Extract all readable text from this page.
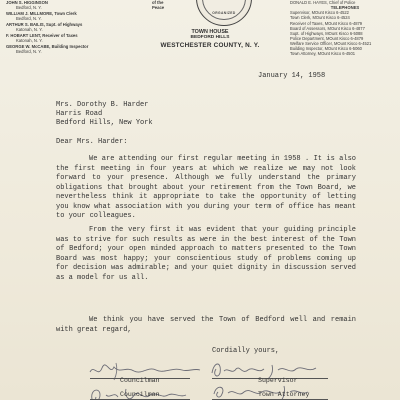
JOHN S. HIGGINSON
Bedford, N. Y.
WILLIAM J. MILLMORE, Town Clerk
Bedford, N. Y.
ARTHUR S. BAILIS, Supt. of Highways
Katonah, N. Y.
F. HOBART LENT, Receiver of Taxes
Katonah, N. Y.
GEORGE W. McCABE, Building Inspector
Bedford, N. Y.
of the
Peace
ORGANIZED
TOWN HOUSE
BEDFORD HILLS
WESTCHESTER COUNTY, N. Y.
DONALD E. HAYES, Chief of Police
TELEPHONES
Supervisor, MOunt Kisco 6-4522
Town Clerk, MOunt Kisco 6-4524
Receiver of Taxes, MOunt Kisco 6-4879
Board of Assessors, MOunt Kisco 6-4877
Supt. of Highways, MOunt Kisco 6-5088
Police Department, MOunt Kisco 6-4879
Welfare Service Officer, MOunt Kisco 6-4521
Building Inspector, MOunt Kisco 6-5060
Town Attorney, MOunt Kisco 6-4501
January 14, 1958
Mrs. Dorothy B. Harder
Harris Road
Bedford Hills, New York
Dear Mrs. Harder:

We are attending our first regular meeting in 1958 . It is also the first meeting in four years at which we realize we may not look forward to your presence. Although we fully understand the primary obligations that brought about your retirement from the Town Board, we nevertheless think it appropriate to take the opportunity of letting you know what association with you during your term of office has meant to your colleagues.

From the very first it was evident that your guiding principle was to strive for such results as were in the best interest of the Town of Bedford; your open minded approach to matters presented to the Town Board was most happy; your conscientious study of problems coming up for decision was admirable; and your quiet dignity in discussion served as a model for us all.

We think you have served the Town of Bedford well and remain with great regard,

Cordially yours,
Councilman	Supervisor
Councilman	Town Attorney
